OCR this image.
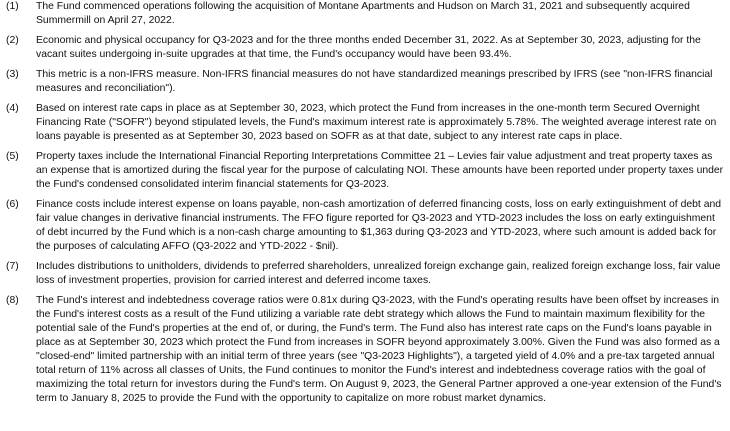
(1)	The Fund commenced operations following the acquisition of Montane Apartments and Hudson on March 31, 2021 and subsequently acquired Summermill on April 27, 2022.
(2)	Economic and physical occupancy for Q3-2023 and for the three months ended December 31, 2022. As at September 30, 2023, adjusting for the vacant suites undergoing in-suite upgrades at that time, the Fund's occupancy would have been 93.4%.
(3)	This metric is a non-IFRS measure. Non-IFRS financial measures do not have standardized meanings prescribed by IFRS (see "non-IFRS financial measures and reconciliation").
(4)	Based on interest rate caps in place as at September 30, 2023, which protect the Fund from increases in the one-month term Secured Overnight Financing Rate ("SOFR") beyond stipulated levels, the Fund's maximum interest rate is approximately 5.78%. The weighted average interest rate on loans payable is presented as at September 30, 2023 based on SOFR as at that date, subject to any interest rate caps in place.
(5)	Property taxes include the International Financial Reporting Interpretations Committee 21 – Levies fair value adjustment and treat property taxes as an expense that is amortized during the fiscal year for the purpose of calculating NOI. These amounts have been reported under property taxes under the Fund's condensed consolidated interim financial statements for Q3-2023.
(6)	Finance costs include interest expense on loans payable, non-cash amortization of deferred financing costs, loss on early extinguishment of debt and fair value changes in derivative financial instruments. The FFO figure reported for Q3-2023 and YTD-2023 includes the loss on early extinguishment of debt incurred by the Fund which is a non-cash charge amounting to $1,363 during Q3-2023 and YTD-2023, where such amount is added back for the purposes of calculating AFFO (Q3-2022 and YTD-2022 - $nil).
(7)	Includes distributions to unitholders, dividends to preferred shareholders, unrealized foreign exchange gain, realized foreign exchange loss, fair value loss of investment properties, provision for carried interest and deferred income taxes.
(8)	The Fund's interest and indebtedness coverage ratios were 0.81x during Q3-2023, with the Fund's operating results have been offset by increases in the Fund's interest costs as a result of the Fund utilizing a variable rate debt strategy which allows the Fund to maintain maximum flexibility for the potential sale of the Fund's properties at the end of, or during, the Fund's term. The Fund also has interest rate caps on the Fund's loans payable in place as at September 30, 2023 which protect the Fund from increases in SOFR beyond approximately 3.00%. Given the Fund was also formed as a "closed-end" limited partnership with an initial term of three years (see "Q3-2023 Highlights"), a targeted yield of 4.0% and a pre-tax targeted annual total return of 11% across all classes of Units, the Fund continues to monitor the Fund's interest and indebtedness coverage ratios with the goal of maximizing the total return for investors during the Fund's term. On August 9, 2023, the General Partner approved a one-year extension of the Fund's term to January 8, 2025 to provide the Fund with the opportunity to capitalize on more robust market dynamics.
